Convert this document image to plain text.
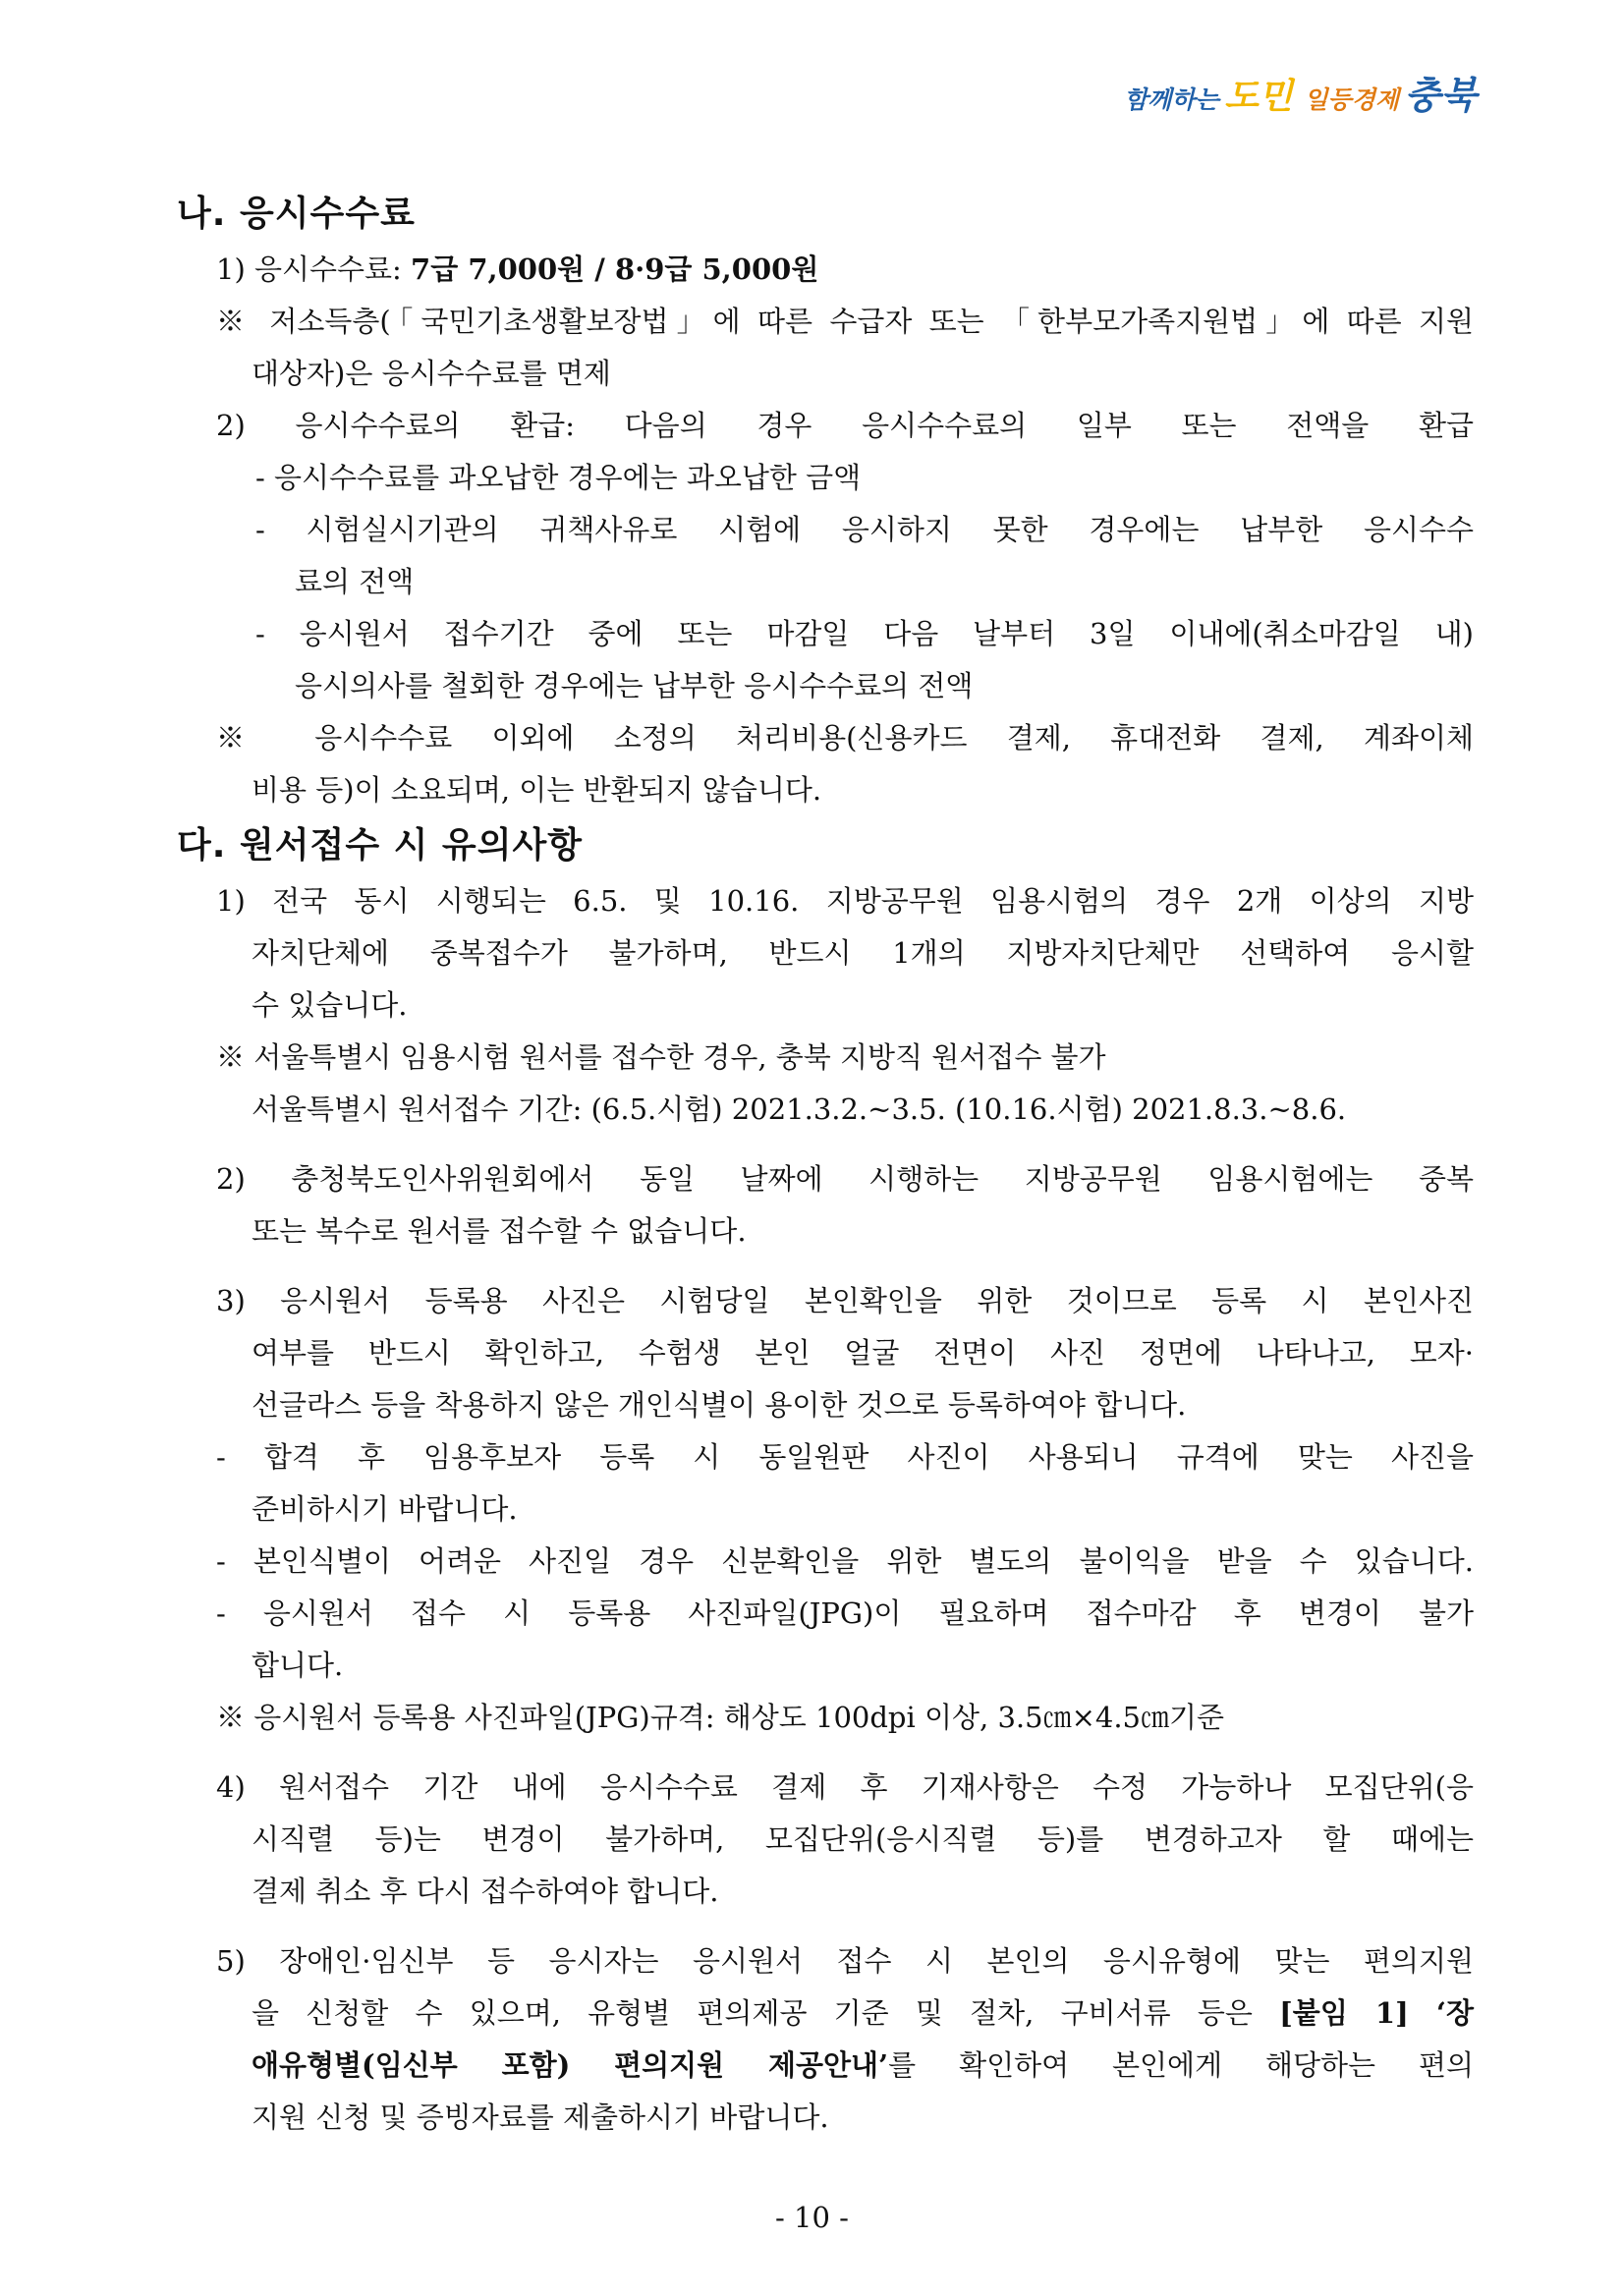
함께하는 도민 일등경제 충북
나. 응시수수료
1) 응시수수료: 7급 7,000원 / 8·9급 5,000원
※ 저소득층(「국민기초생활보장법」에 따른 수급자 또는 「한부모가족지원법」에 따른 지원
대상자)은 응시수수료를 면제
2) 응시수수료의 환급: 다음의 경우 응시수수료의 일부 또는 전액을 환급
- 응시수수료를 과오납한 경우에는 과오납한 금액
- 시험실시기관의 귀책사유로 시험에 응시하지 못한 경우에는 납부한 응시수수
료의 전액
- 응시원서 접수기간 중에 또는 마감일 다음 날부터 3일 이내에(취소마감일 내)
응시의사를 철회한 경우에는 납부한 응시수수료의 전액
※ 응시수수료 이외에 소정의 처리비용(신용카드 결제, 휴대전화 결제, 계좌이체
비용 등)이 소요되며, 이는 반환되지 않습니다.
다. 원서접수 시 유의사항
1) 전국 동시 시행되는 6.5. 및 10.16. 지방공무원 임용시험의 경우 2개 이상의 지방
자치단체에 중복접수가 불가하며, 반드시 1개의 지방자치단체만 선택하여 응시할
수 있습니다.
※ 서울특별시 임용시험 원서를 접수한 경우, 충북 지방직 원서접수 불가
서울특별시 원서접수 기간: (6.5.시험) 2021.3.2.~3.5. (10.16.시험) 2021.8.3.~8.6.
2) 충청북도인사위원회에서 동일 날짜에 시행하는 지방공무원 임용시험에는 중복
또는 복수로 원서를 접수할 수 없습니다.
3) 응시원서 등록용 사진은 시험당일 본인확인을 위한 것이므로 등록 시 본인사진
여부를 반드시 확인하고, 수험생 본인 얼굴 전면이 사진 정면에 나타나고, 모자·
선글라스 등을 착용하지 않은 개인식별이 용이한 것으로 등록하여야 합니다.
- 합격 후 임용후보자 등록 시 동일원판 사진이 사용되니 규격에 맞는 사진을
준비하시기 바랍니다.
- 본인식별이 어려운 사진일 경우 신분확인을 위한 별도의 불이익을 받을 수 있습니다.
- 응시원서 접수 시 등록용 사진파일(JPG)이 필요하며 접수마감 후 변경이 불가
합니다.
※ 응시원서 등록용 사진파일(JPG)규격: 해상도 100dpi 이상, 3.5㎝×4.5㎝기준
4) 원서접수 기간 내에 응시수수료 결제 후 기재사항은 수정 가능하나 모집단위(응
시직렬 등)는 변경이 불가하며, 모집단위(응시직렬 등)를 변경하고자 할 때에는
결제 취소 후 다시 접수하여야 합니다.
5) 장애인·임신부 등 응시자는 응시원서 접수 시 본인의 응시유형에 맞는 편의지원
을 신청할 수 있으며, 유형별 편의제공 기준 및 절차, 구비서류 등은 [붙임 1] ‘장
애유형별(임신부 포함) 편의지원 제공안내’를 확인하여 본인에게 해당하는 편의
지원 신청 및 증빙자료를 제출하시기 바랍니다.
- 10 -
